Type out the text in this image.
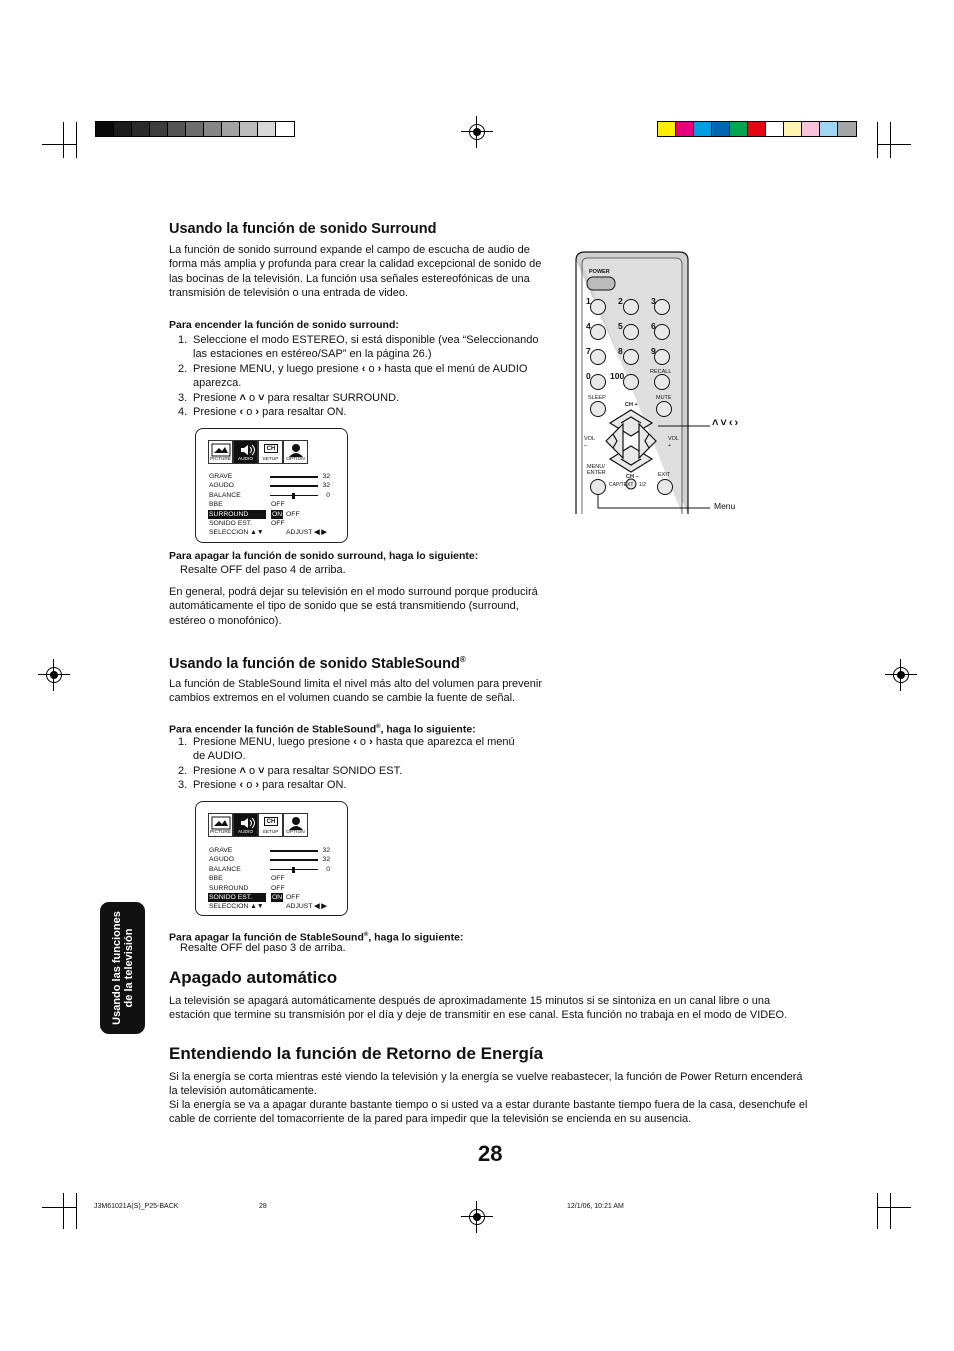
Usando la función de sonido Surround
La función de sonido surround expande el campo de escucha de audio de forma más amplia y profunda para crear la calidad excepcional de sonido de las bocinas de la televisión. La función usa señales estereofónicas de una transmisión de televisión o una entrada de video.
Para encender la función de sonido surround:
1. Seleccione el modo ESTEREO, si está disponible (vea “Seleccionando las estaciones en estéreo/SAP” en la página 26.)
2. Presione MENU, y luego presione ‹ o › hasta que el menú de AUDIO aparezca.
3. Presione ˄ o ˅ para resaltar SURROUND.
4. Presione ‹ o › para resaltar ON.
PICTURE	AUDIO
CH
SETUP	OPTION
GRAVE	32
AGUDO	32
BALANCE	0
BBE	OFF
SURROUND	ON OFF
SONIDO EST.	OFF
SELECCION ▲▼	ADJUST ◀ ▶
Para apagar la función de sonido surround, haga lo siguiente:
Resalte OFF del paso 4 de arriba.
En general, podrá dejar su televisión en el modo surround porque producirá automáticamente el tipo de sonido que se está transmitiendo (surround, estéreo o monofónico).
Usando la función de sonido StableSound®
La función de StableSound limita el nivel más alto del volumen para prevenir cambios extremos en el volumen cuando se cambie la fuente de señal.
Para encender la función de StableSound®, haga lo siguiente:
1. Presione MENU, luego presione ‹ o › hasta que aparezca el menú de AUDIO.
2. Presione ˄ o ˅ para resaltar SONIDO EST.
3. Presione ‹ o › para resaltar ON.
PICTURE	AUDIO
CH
SETUP	OPTION
GRAVE	32
AGUDO	32
BALANCE	0
BBE	OFF
SURROUND	OFF
SONIDO EST.	ON OFF
SELECCION ▲▼	ADJUST ◀ ▶
Para apagar la función de StableSound®, haga lo siguiente:
Resalte OFF del paso 3 de arriba.
Usando las funciones de la televisión Apagado automático
La televisión se apagará automáticamente después de aproximadamente 15 minutos si se sintoniza en un canal libre o una estación que termine su transmisión por el día y deje de transmitir en ese canal. Esta función no trabaja en el modo de VIDEO.
Entendiendo la función de Retorno de Energía
Si la energía se corta mientras esté viendo la televisión y la energía se vuelve reabastecer, la función de Power Return encenderá la televisión automáticamente.
Si la energía se va a apagar durante bastante tiempo o si usted va a estar durante bastante tiempo fuera de la casa, desenchufe el cable de corriente del tomacorriente de la pared para impedir que la televisión se encienda en su ausencia.
28
J3M61021A(S)_P25-BACK	28	12/1/06, 10:21 AM
POWER
1	2	3
4	5	6
7	8	9
0 100	RECALL
SLEEP	MUTE
CH +
VOL –
VOL +
MENU/ ENTER	EXIT
CH –
CAP/TEXT 1/2
˄˅‹›
Menu
